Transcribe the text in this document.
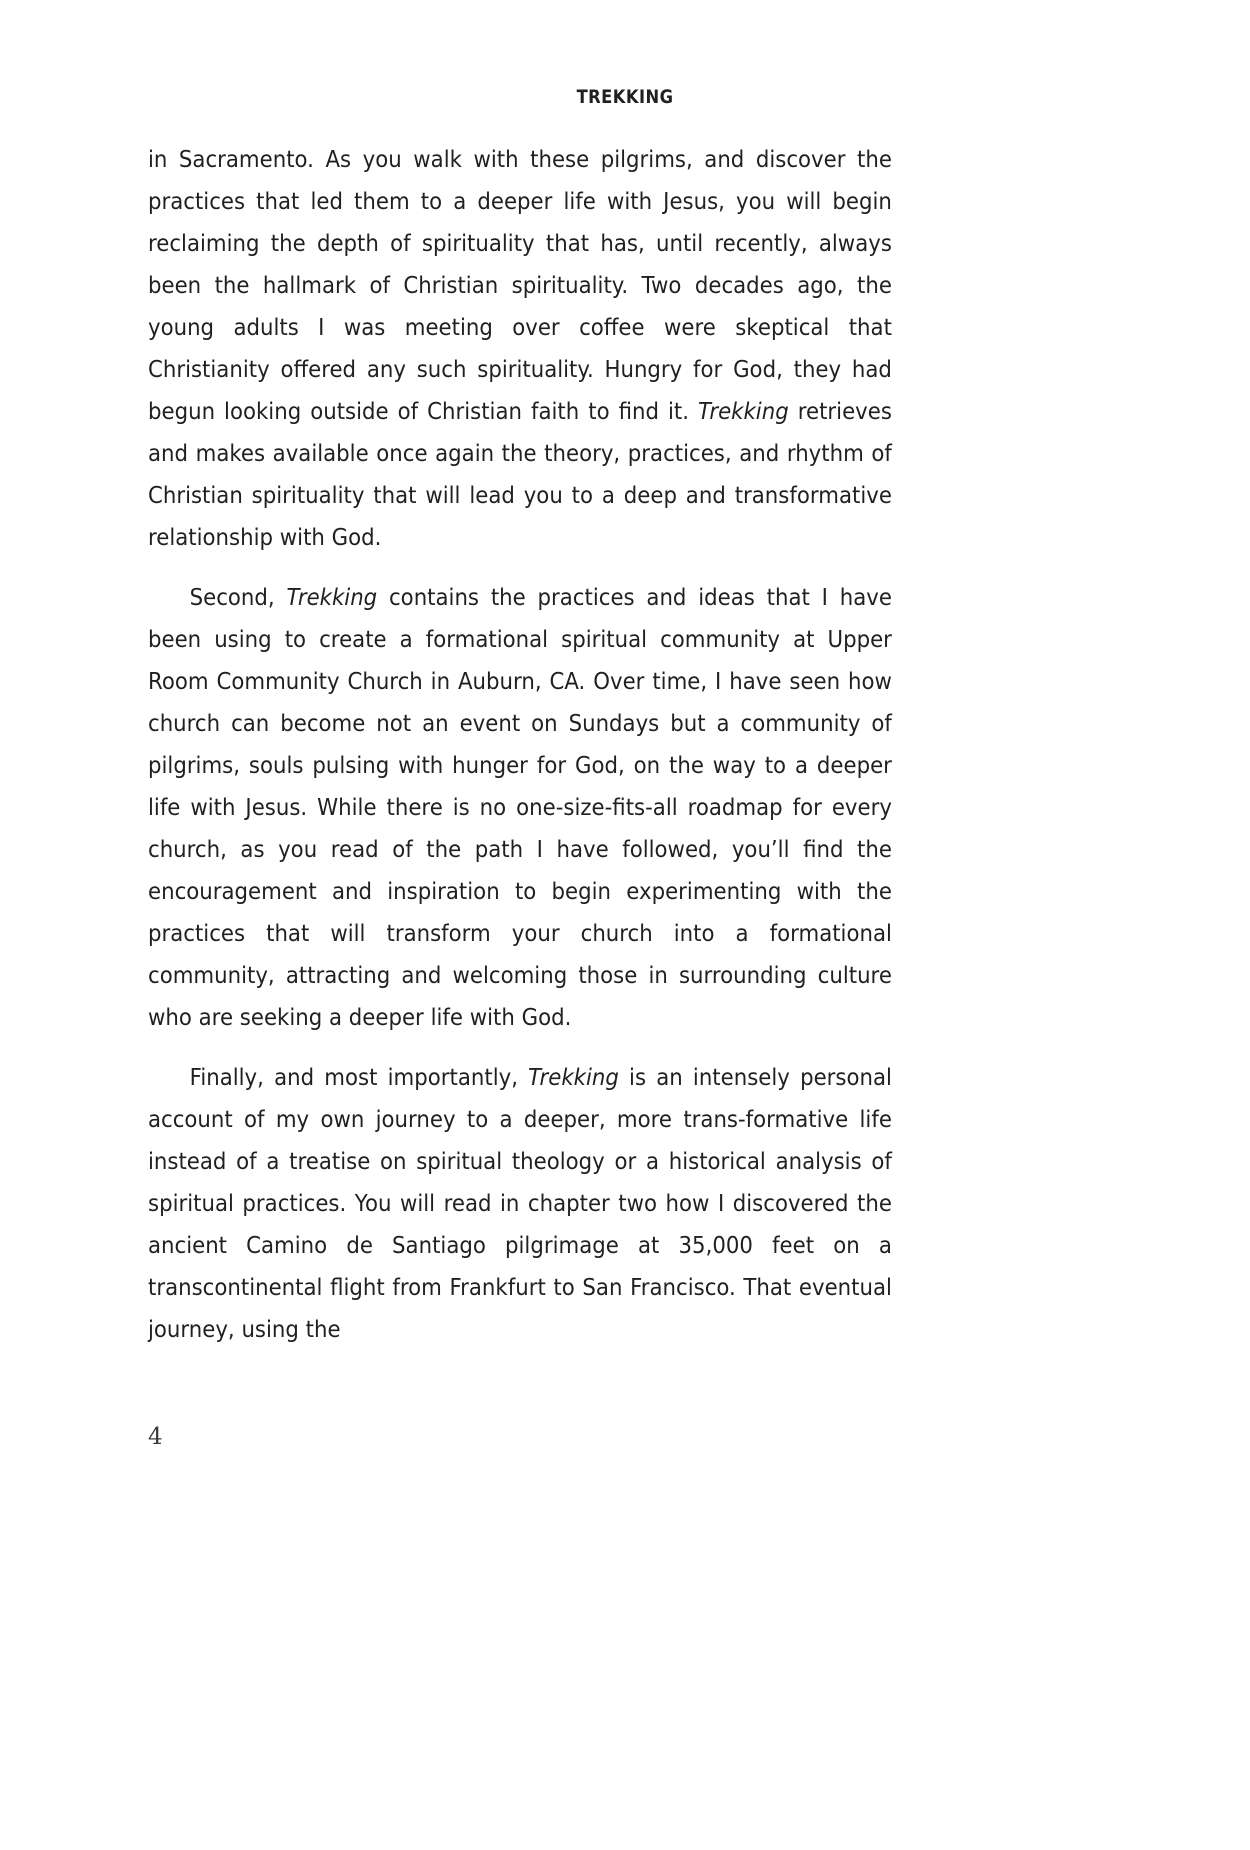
TREKKING

in Sacramento. As you walk with these pilgrims, and discover the practices that led them to a deeper life with Jesus, you will begin reclaiming the depth of spirituality that has, until recently, always been the hallmark of Christian spirituality. Two decades ago, the young adults I was meeting over coffee were skeptical that Christianity offered any such spirituality. Hungry for God, they had begun looking outside of Christian faith to find it. Trekking retrieves and makes available once again the theory, practices, and rhythm of Christian spirituality that will lead you to a deep and transformative relationship with God.

Second, Trekking contains the practices and ideas that I have been using to create a formational spiritual community at Upper Room Community Church in Auburn, CA. Over time, I have seen how church can become not an event on Sundays but a community of pilgrims, souls pulsing with hunger for God, on the way to a deeper life with Jesus. While there is no one-size-fits-all roadmap for every church, as you read of the path I have followed, you’ll find the encouragement and inspiration to begin experimenting with the practices that will transform your church into a formational community, attracting and welcoming those in surrounding culture who are seeking a deeper life with God.

Finally, and most importantly, Trekking is an intensely personal account of my own journey to a deeper, more trans-formative life instead of a treatise on spiritual theology or a historical analysis of spiritual practices. You will read in chapter two how I discovered the ancient Camino de Santiago pilgrimage at 35,000 feet on a transcontinental flight from Frankfurt to San Francisco. That eventual journey, using the

4
